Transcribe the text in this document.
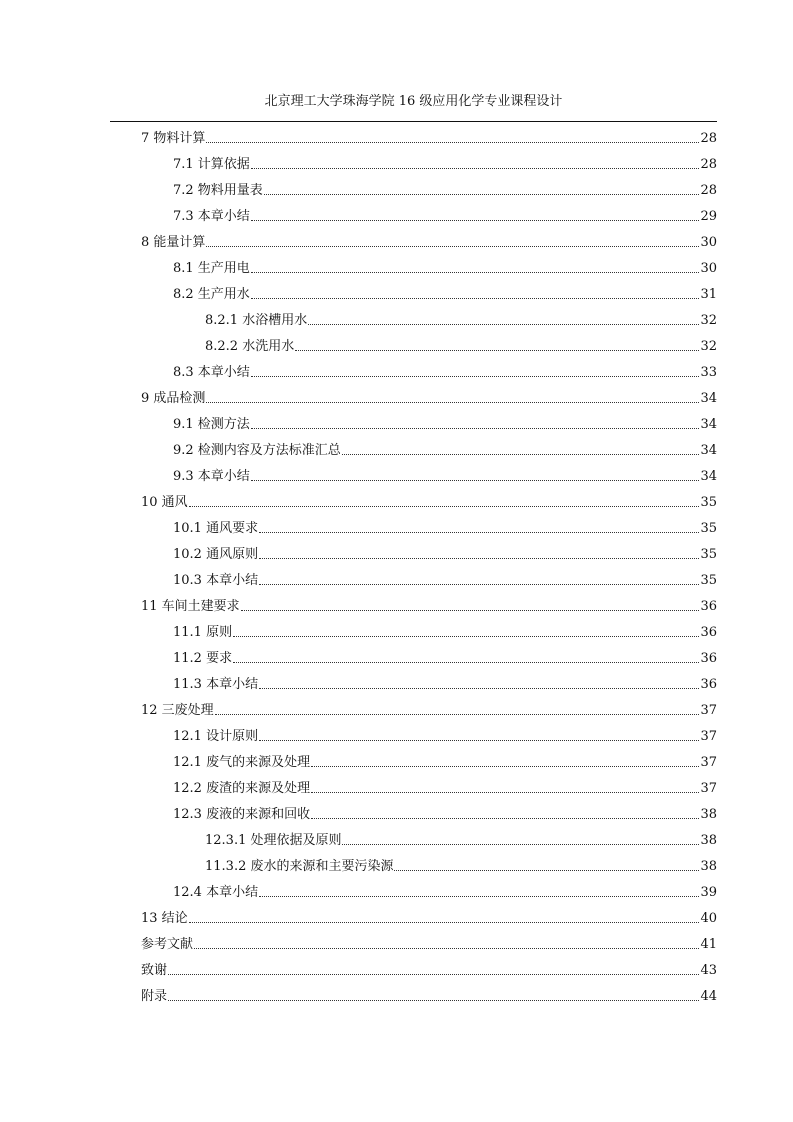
北京理工大学珠海学院 16 级应用化学专业课程设计
7 物料计算	28
7.1 计算依据	28
7.2 物料用量表	28
7.3 本章小结	29
8 能量计算	30
8.1 生产用电	30
8.2 生产用水	31
8.2.1 水浴槽用水	32
8.2.2 水洗用水	32
8.3 本章小结	33
9 成品检测	34
9.1 检测方法	34
9.2 检测内容及方法标准汇总	34
9.3 本章小结	34
10 通风	35
10.1 通风要求	35
10.2 通风原则	35
10.3 本章小结	35
11 车间土建要求	36
11.1 原则	36
11.2 要求	36
11.3 本章小结	36
12 三废处理	37
12.1 设计原则	37
12.1 废气的来源及处理	37
12.2 废渣的来源及处理	37
12.3 废液的来源和回收	38
12.3.1 处理依据及原则	38
11.3.2 废水的来源和主要污染源	38
12.4 本章小结	39
13 结论	40
参考文献	41
致谢	43
附录	44
